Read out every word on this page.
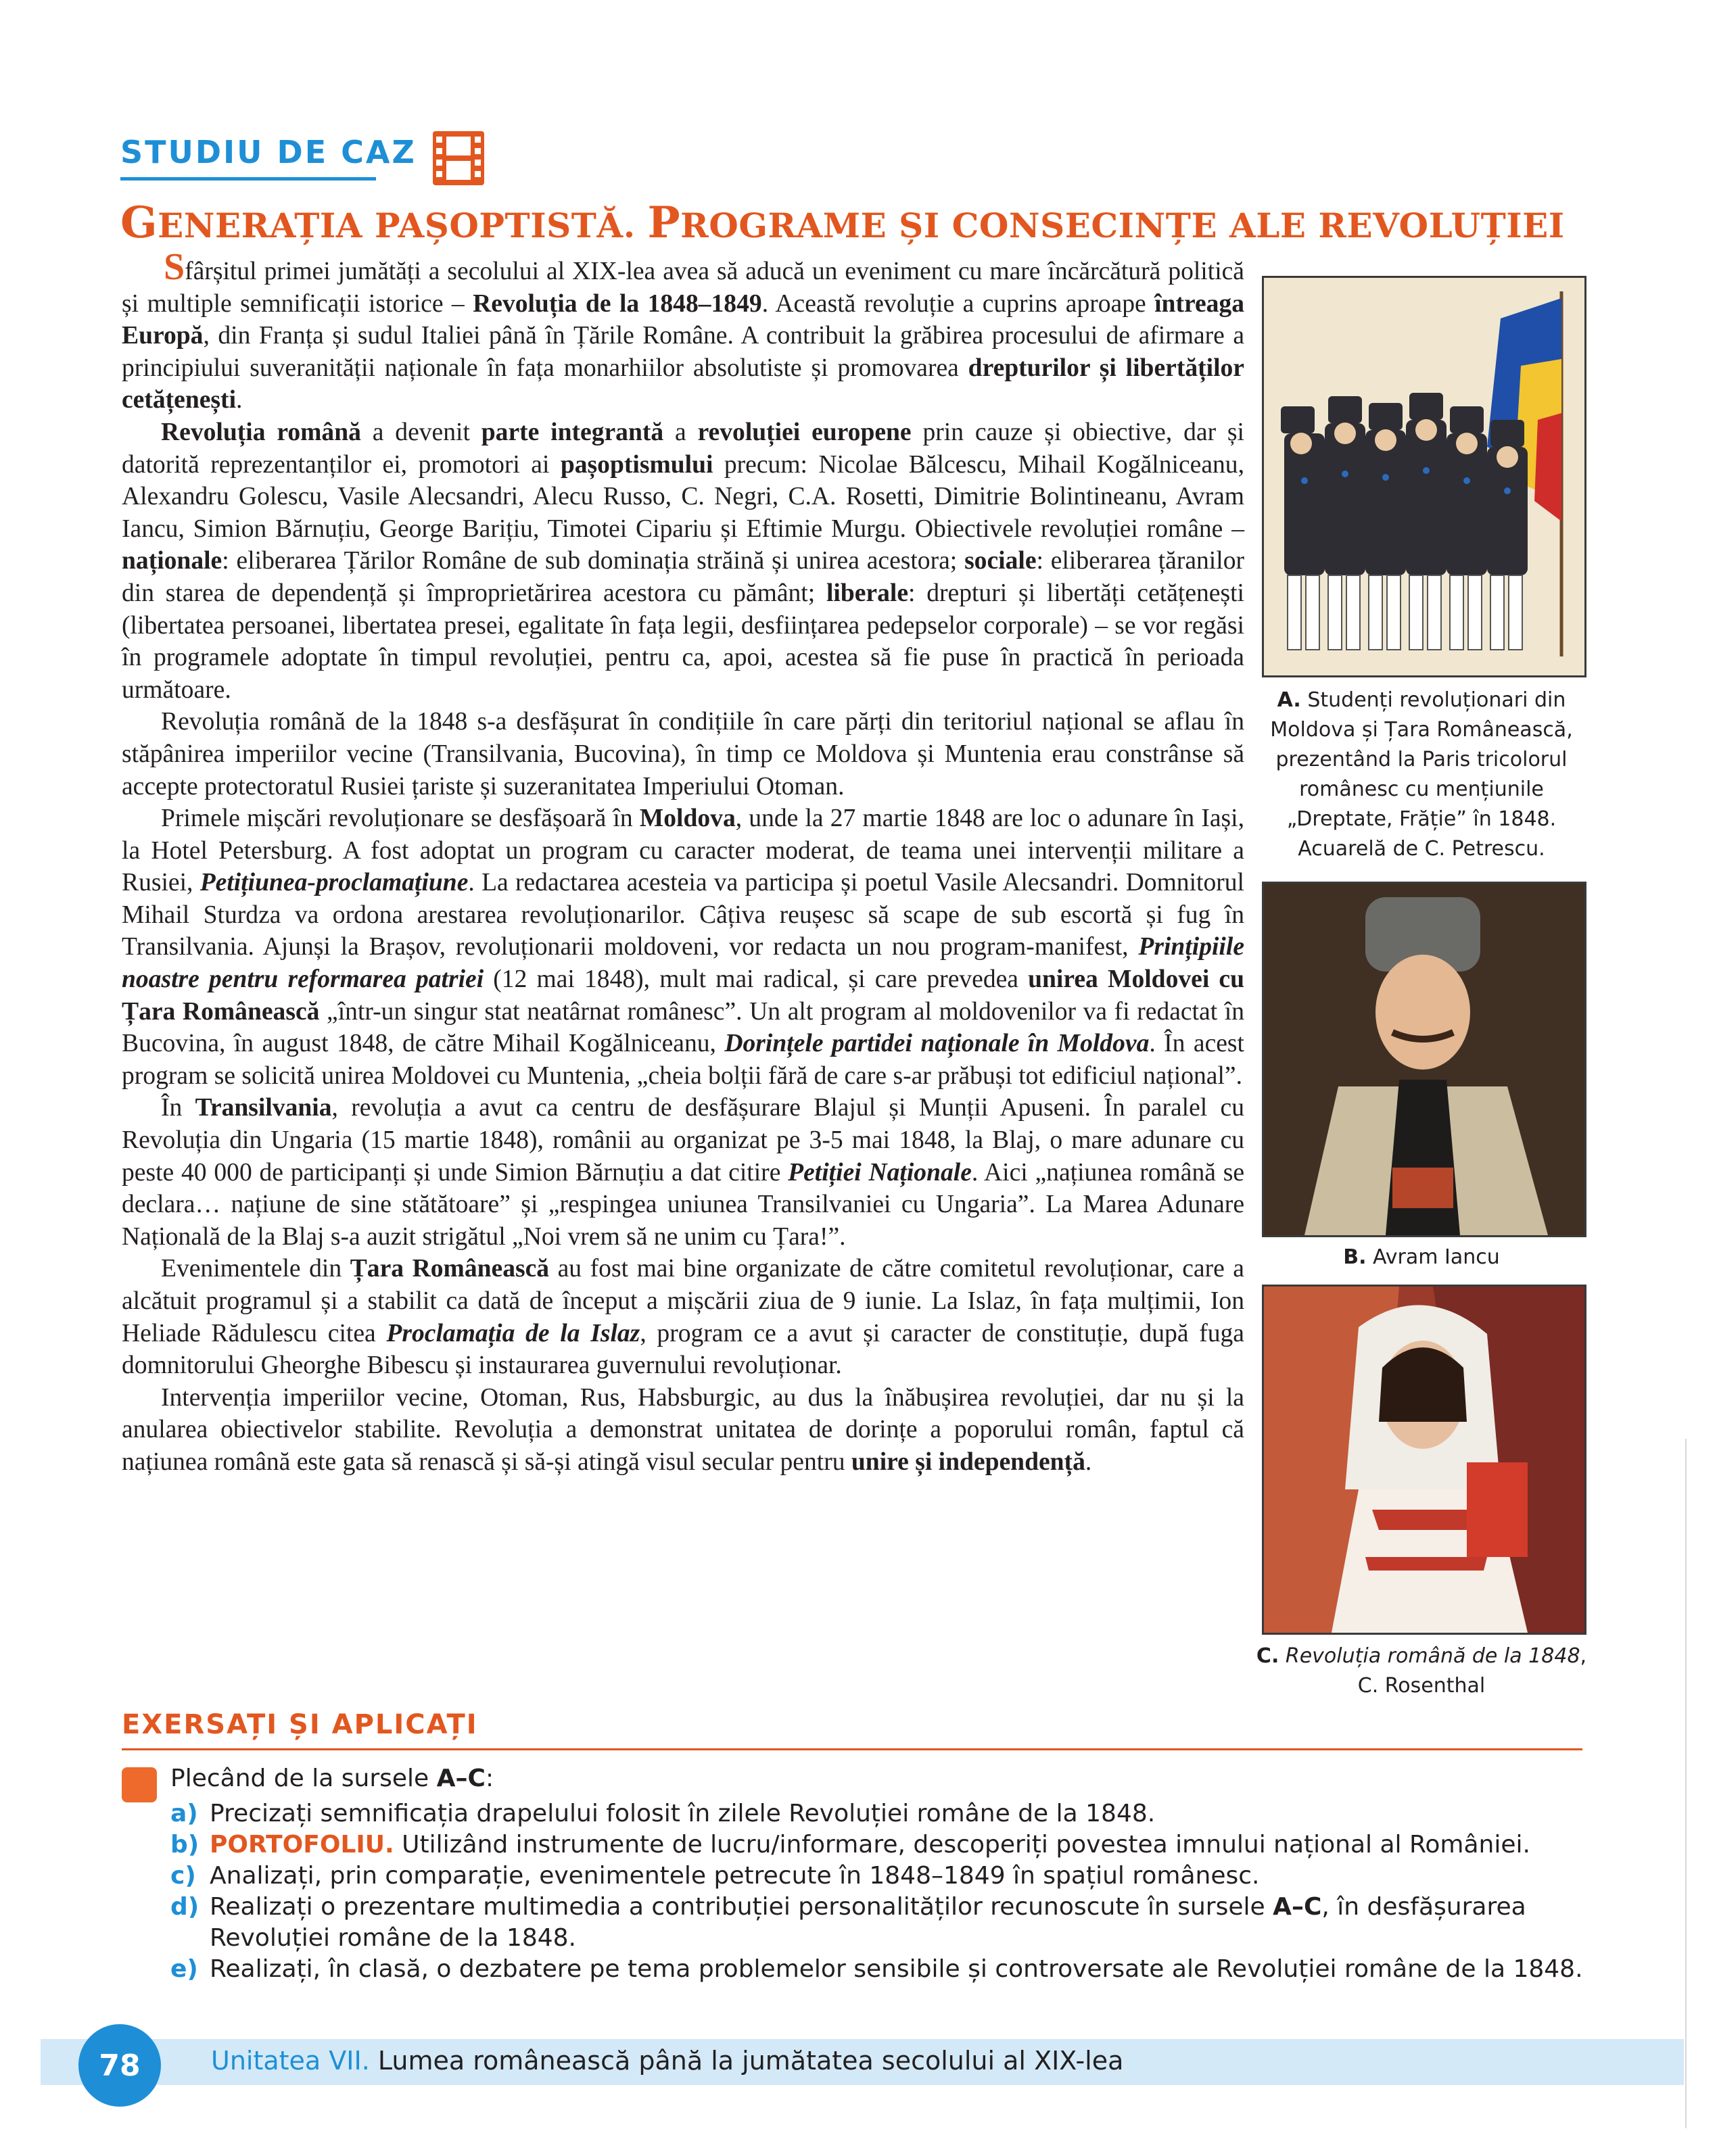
STUDIU DE CAZ
GENERAȚIA PAȘOPTISTĂ. PROGRAME ȘI CONSECINȚE ALE REVOLUȚIEI

Sfârșitul primei jumătăți a secolului al XIX-lea avea să aducă un eveniment cu mare încărcătură politică și multiple semnificații istorice – Revoluția de la 1848–1849. Această revoluție a cuprins aproape întreaga Europă, din Franța și sudul Italiei până în Țările Române. A contribuit la grăbirea procesului de afirmare a principiului suveranității naționale în fața monarhiilor absolutiste și promovarea drepturilor și libertăților cetățenești.

Revoluția română a devenit parte integrantă a revoluției europene prin cauze și obiective, dar și datorită reprezentanților ei, promotori ai pașoptismului precum: Nicolae Bălcescu, Mihail Kogălniceanu, Alexandru Golescu, Vasile Alecsandri, Alecu Russo, C. Negri, C.A. Rosetti, Dimitrie Bolintineanu, Avram Iancu, Simion Bărnuțiu, George Barițiu, Timotei Cipariu și Eftimie Murgu. Obiectivele revoluției române – naționale: eliberarea Țărilor Române de sub dominația străină și unirea acestora; sociale: eliberarea țăranilor din starea de dependență și împroprietărirea acestora cu pământ; liberale: drepturi și libertăți cetățenești (libertatea persoanei, libertatea presei, egalitate în fața legii, desființarea pedepselor corporale) – se vor regăsi în programele adoptate în timpul revoluției, pentru ca, apoi, acestea să fie puse în practică în perioada următoare.

Revoluția română de la 1848 s-a desfășurat în condițiile în care părți din teritoriul național se aflau în stăpânirea imperiilor vecine (Transilvania, Bucovina), în timp ce Moldova și Muntenia erau constrânse să accepte protectoratul Rusiei țariste și suzeranitatea Imperiului Otoman.

Primele mișcări revoluționare se desfășoară în Moldova, unde la 27 martie 1848 are loc o adunare în Iași, la Hotel Petersburg. A fost adoptat un program cu caracter moderat, de teama unei intervenții militare a Rusiei, Petițiunea-proclamațiune. La redactarea acesteia va participa și poetul Vasile Alecsandri. Domnitorul Mihail Sturdza va ordona arestarea revoluționarilor. Câțiva reușesc să scape de sub escortă și fug în Transilvania. Ajunși la Brașov, revoluționarii moldoveni, vor redacta un nou program-manifest, Prințipiile noastre pentru reformarea patriei (12 mai 1848), mult mai radical, și care prevedea unirea Moldovei cu Țara Românească „într-un singur stat neatârnat românesc”. Un alt program al moldovenilor va fi redactat în Bucovina, în august 1848, de către Mihail Kogălniceanu, Dorințele partidei naționale în Moldova. În acest program se solicită unirea Moldovei cu Muntenia, „cheia bolții fără de care s-ar prăbuși tot edificiul național”.

În Transilvania, revoluția a avut ca centru de desfășurare Blajul și Munții Apuseni. În paralel cu Revoluția din Ungaria (15 martie 1848), românii au organizat pe 3-5 mai 1848, la Blaj, o mare adunare cu peste 40 000 de participanți și unde Simion Bărnuțiu a dat citire Petiției Naționale. Aici „națiunea română se declara… națiune de sine stătătoare” și „respingea uniunea Transilvaniei cu Ungaria”. La Marea Adunare Națională de la Blaj s-a auzit strigătul „Noi vrem să ne unim cu Țara!”.

Evenimentele din Țara Românească au fost mai bine organizate de către comitetul revoluționar, care a alcătuit programul și a stabilit ca dată de început a mișcării ziua de 9 iunie. La Islaz, în fața mulțimii, Ion Heliade Rădulescu citea Proclamația de la Islaz, program ce a avut și caracter de constituție, după fuga domnitorului Gheorghe Bibescu și instaurarea guvernului revoluționar.

Intervenția imperiilor vecine, Otoman, Rus, Habsburgic, au dus la înăbușirea revoluției, dar nu și la anularea obiectivelor stabilite. Revoluția a demonstrat unitatea de dorințe a poporului român, faptul că națiunea română este gata să renască și să-și atingă visul secular pentru unire și independență.

A. Studenți revoluționari din Moldova și Țara Românească, prezentând la Paris tricolorul românesc cu mențiunile „Dreptate, Frăție” în 1848. Acuarelă de C. Petrescu.
B. Avram Iancu
C. Revoluția română de la 1848, C. Rosenthal
EXERSAȚI ȘI APLICAȚI
Plecând de la sursele A–C:
a) Precizați semnificația drapelului folosit în zilele Revoluției române de la 1848.
b) PORTOFOLIU. Utilizând instrumente de lucru/informare, descoperiți povestea imnului național al României.
c) Analizați, prin comparație, evenimentele petrecute în 1848–1849 în spațiul românesc.
d) Realizați o prezentare multimedia a contribuției personalităților recunoscute în sursele A–C, în desfășurarea Revoluției române de la 1848.
e) Realizați, în clasă, o dezbatere pe tema problemelor sensibile și controversate ale Revoluției române de la 1848.
78	Unitatea VII. Lumea românească până la jumătatea secolului al XIX-lea
